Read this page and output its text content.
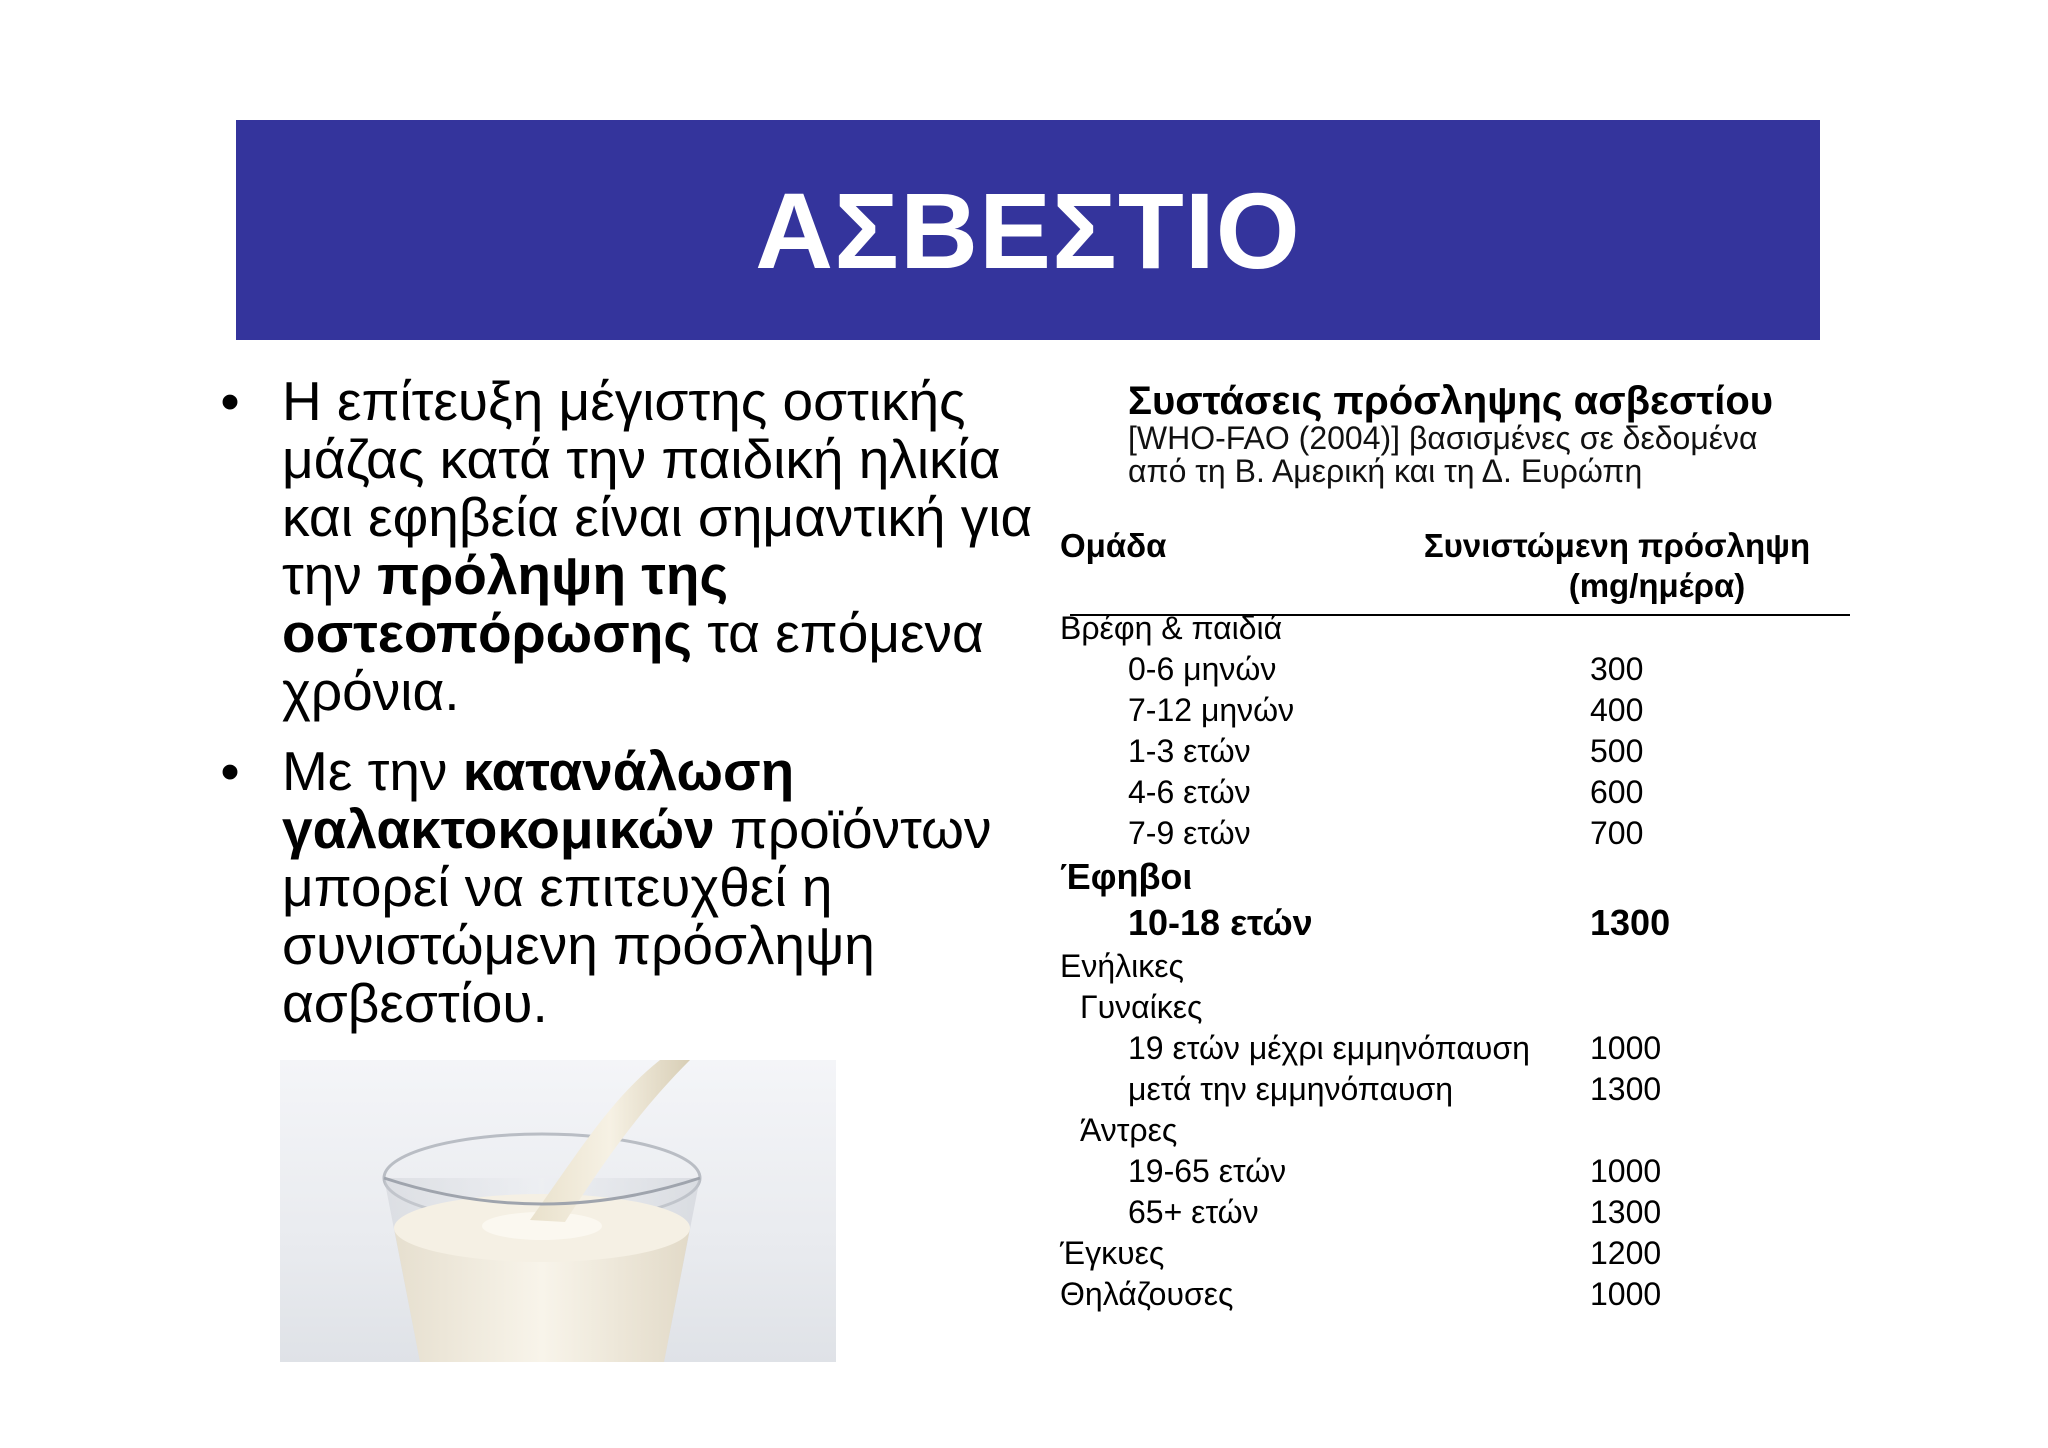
ΑΣΒΕΣΤΙΟ
• Η επίτευξη μέγιστης οστικής μάζας κατά την παιδική ηλικία και εφηβεία είναι σημαντική για την πρόληψη της οστεοπόρωσης τα επόμενα χρόνια.
• Με την κατανάλωση γαλακτοκομικών προϊόντων μπορεί να επιτευχθεί η συνιστώμενη πρόσληψη ασβεστίου.
Συστάσεις πρόσληψης ασβεστίου
[WHO-FAO (2004)] βασισμένες σε δεδομένα
από τη Β. Αμερική και τη Δ. Ευρώπη
Ομάδα	Συνιστώμενη πρόσληψη
(mg/ημέρα)
Βρέφη & παιδιά
0-6 μηνών	300
7-12 μηνών	400
1-3 ετών	500
4-6 ετών	600
7-9 ετών	700
Έφηβοι
10-18 ετών	1300
Ενήλικες
Γυναίκες
19 ετών μέχρι εμμηνόπαυση 1000
μετά την εμμηνόπαυση	1300
Άντρες
19-65 ετών	1000
65+ ετών	1300
Έγκυες	1200
Θηλάζουσες	1000
